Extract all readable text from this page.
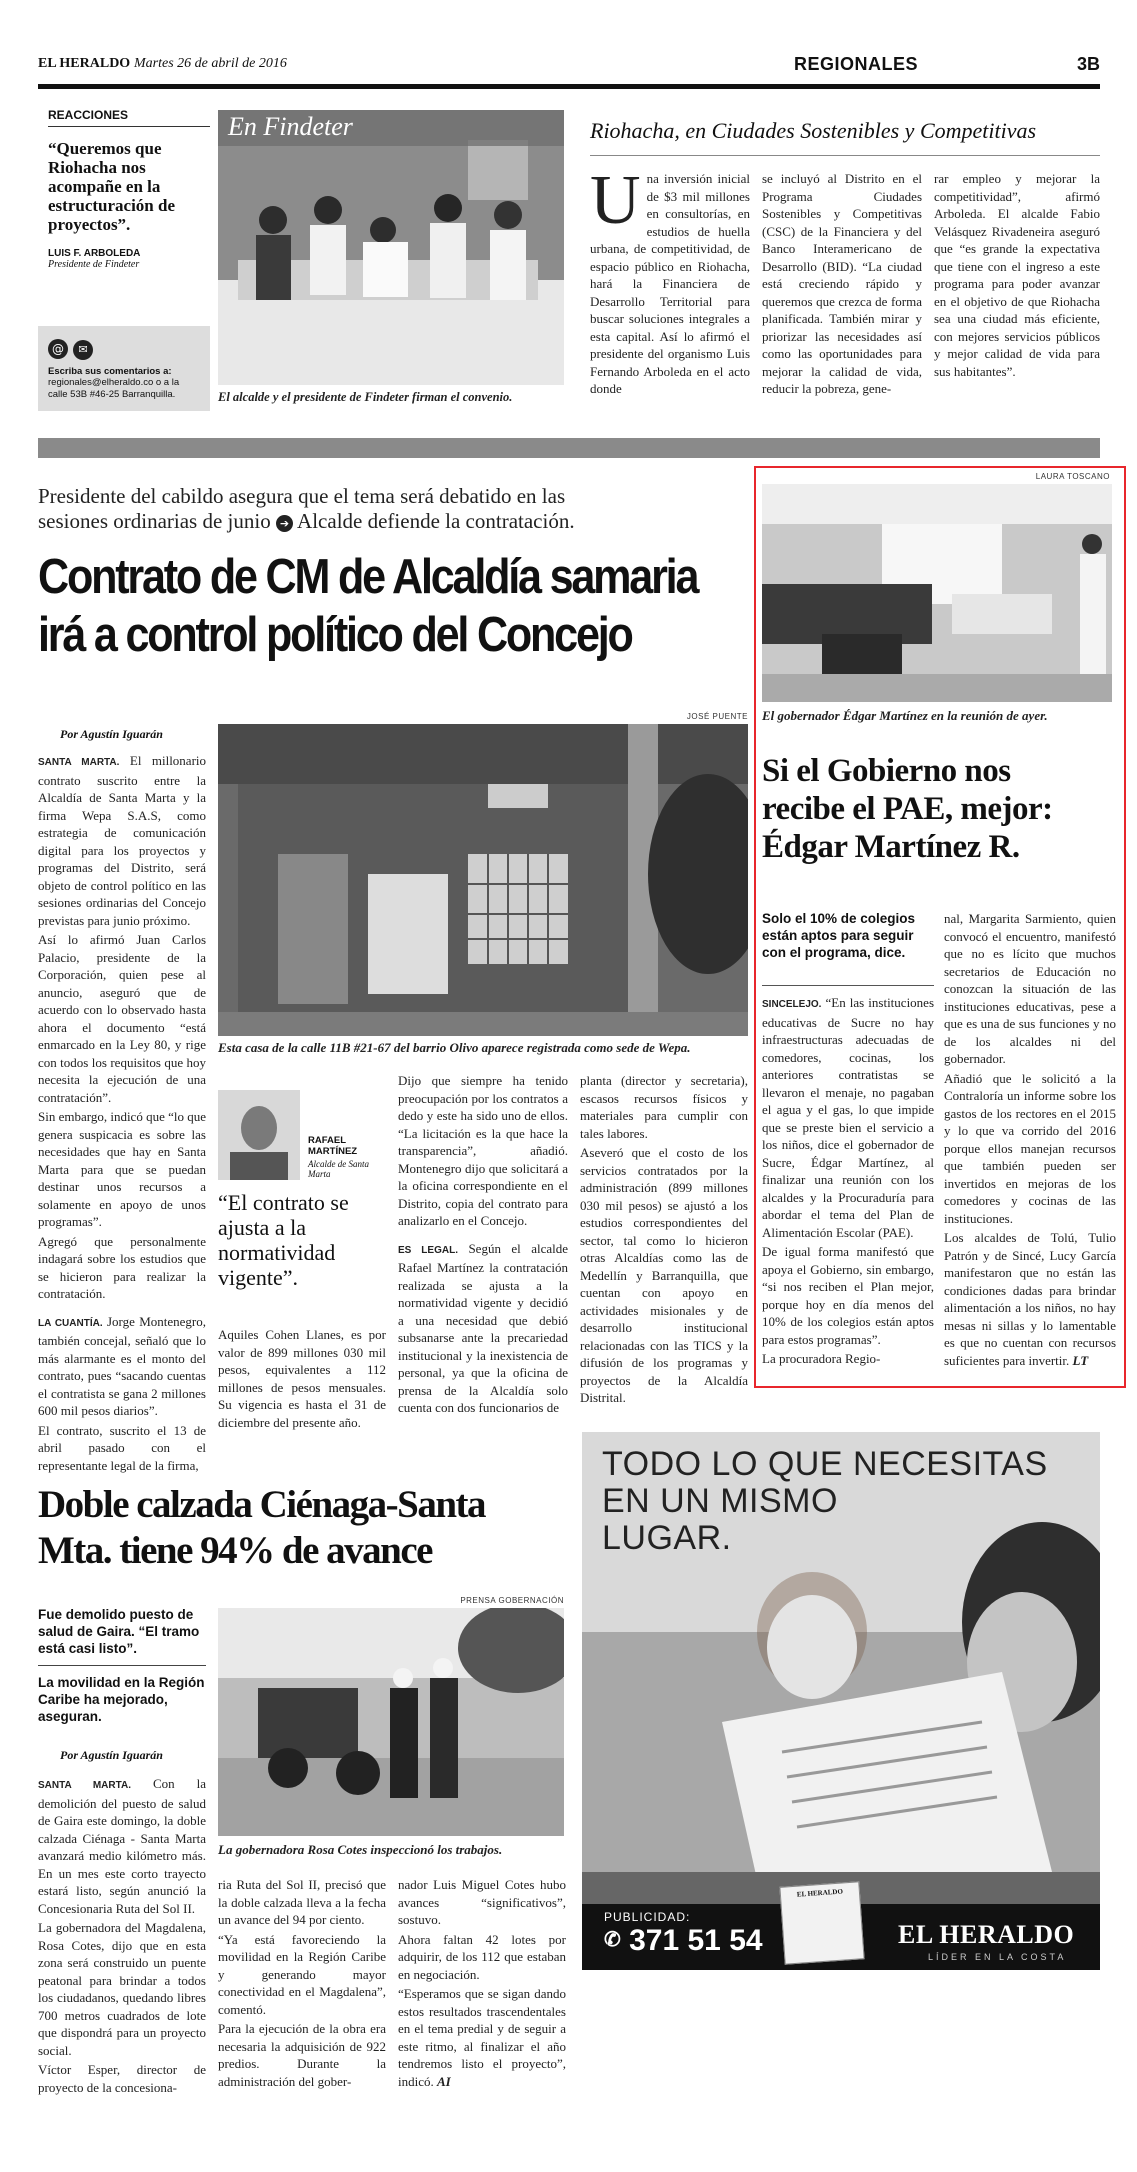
EL HERALDO Martes 26 de abril de 2016	REGIONALES	3B
REACCIONES
“Queremos que Riohacha nos acompañe en la estructuración de proyectos”.
LUIS F. ARBOLEDA
Presidente de Findeter
@ ✉
Escriba sus comentarios a:
regionales@elheraldo.co o a la calle 53B #46-25 Barranquilla.
En Findeter
El alcalde y el presidente de Findeter firman el convenio.
Riohacha, en Ciudades Sostenibles y Competitivas
U na inversión inicial de $3 mil millones en consultorías, en estudios de huella urbana, de competitividad, de espacio público en Riohacha, hará la Financiera de Desarrollo Territorial para buscar soluciones integrales a esta capital. Así lo afirmó el presidente del organismo Luis Fernando Arboleda en el acto donde
se incluyó al Distrito en el Programa Ciudades Sostenibles y Competitivas (CSC) de la Financiera y del Banco Interamericano de Desarrollo (BID). “La ciudad está creciendo rápido y queremos que crezca de forma planificada. También mirar y priorizar las necesidades así como las oportunidades para mejorar la calidad de vida, reducir la pobreza, gene-
rar empleo y mejorar la competitividad”, afirmó Arboleda. El alcalde Fabio Velásquez Rivadeneira aseguró que “es grande la expectativa que tiene con el ingreso a este programa para poder avanzar en el objetivo de que Riohacha sea una ciudad más eficiente, con mejores servicios públicos y mejor calidad de vida para sus habitantes”.
Presidente del cabildo asegura que el tema será debatido en las
sesiones ordinarias de junio ➔ Alcalde defiende la contratación.
Contrato de CM de Alcaldía samaria
irá a control político del Concejo
Por Agustín Iguarán
JOSÉ PUENTE
Esta casa de la calle 11B #21-67 del barrio Olivo aparece registrada como sede de Wepa.

SANTA MARTA. El millonario contrato suscrito entre la Alcaldía de Santa Marta y la firma Wepa S.A.S, como estrategia de comunicación digital para los proyectos y programas del Distrito, será objeto de control político en las sesiones ordinarias del Concejo previstas para junio próximo.

Así lo afirmó Juan Carlos Palacio, presidente de la Corporación, quien pese al anuncio, aseguró que de acuerdo con lo observado hasta ahora el documento “está enmarcado en la Ley 80, y rige con todos los requisitos que hoy necesita la ejecución de una contratación”.

Sin embargo, indicó que “lo que genera suspicacia es sobre las necesidades que hay en Santa Marta para que se puedan destinar unos recursos a solamente en apoyo de unos programas”.

Agregó que personalmente indagará sobre los estudios que se hicieron para realizar la contratación.

LA CUANTÍA. Jorge Montenegro, también concejal, señaló que lo más alarmante es el monto del contrato, pues “sacando cuentas el contratista se gana 2 millones 600 mil pesos diarios”.

El contrato, suscrito el 13 de abril pasado con el representante legal de la firma,

RAFAEL MARTÍNEZ
Alcalde de Santa Marta
“El contrato se ajusta a la normatividad vigente”.
Aquiles Cohen Llanes, es por valor de 899 millones 030 mil pesos, equivalentes a 112 millones de pesos mensuales. Su vigencia es hasta el 31 de diciembre del presente año.

Dijo que siempre ha tenido preocupación por los contratos a dedo y este ha sido uno de ellos. “La licitación es la que hace la transparencia”, añadió. Montenegro dijo que solicitará a la oficina correspondiente en el Distrito, copia del contrato para analizarlo en el Concejo.

ES LEGAL. Según el alcalde Rafael Martínez la contratación realizada se ajusta a la normatividad vigente y decidió a una necesidad que debió subsanarse ante la precariedad institucional y la inexistencia de personal, ya que la oficina de prensa de la Alcaldía solo cuenta con dos funcionarios de

planta (director y secretaria), escasos recursos físicos y materiales para cumplir con tales labores.

Aseveró que el costo de los servicios contratados por la administración (899 millones 030 mil pesos) se ajustó a los estudios correspondientes del sector, tal como lo hicieron otras Alcaldías como las de Medellín y Barranquilla, que cuentan con apoyo en actividades misionales y de desarrollo institucional relacionadas con las TICS y la difusión de los programas y proyectos de la Alcaldía Distrital.

LAURA TOSCANO
El gobernador Édgar Martínez en la reunión de ayer.
Si el Gobierno nos
recibe el PAE, mejor:
Édgar Martínez R.
Solo el 10% de colegios están aptos para seguir con el programa, dice.

SINCELEJO. “En las instituciones educativas de Sucre no hay infraestructuras adecuadas de comedores, cocinas, los anteriores contratistas se llevaron el menaje, no pagaban el agua y el gas, lo que impide que se preste bien el servicio a los niños, dice el gobernador de Sucre, Édgar Martínez, al finalizar una reunión con los alcaldes y la Procuraduría para abordar el tema del Plan de Alimentación Escolar (PAE).

De igual forma manifestó que apoya el Gobierno, sin embargo, “si nos reciben el Plan mejor, porque hoy en día menos del 10% de los colegios están aptos para estos programas”.

La procuradora Regio-

nal, Margarita Sarmiento, quien convocó el encuentro, manifestó que no es lícito que muchos secretarios de Educación no conozcan la situación de las instituciones educativas, pese a que es una de sus funciones y no de los alcaldes ni del gobernador.

Añadió que le solicitó a la Contraloría un informe sobre los gastos de los rectores en el 2015 y lo que va corrido del 2016 porque ellos manejan recursos que también pueden ser invertidos en mejoras de los comedores y cocinas de las instituciones.

Los alcaldes de Tolú, Tulio Patrón y de Sincé, Lucy García manifestaron que no están las condiciones dadas para brindar alimentación a los niños, no hay mesas ni sillas y lo lamentable es que no cuentan con recursos suficientes para invertir. LT

Doble calzada Ciénaga-Santa
Mta. tiene 94% de avance
Fue demolido puesto de salud de Gaira. “El tramo está casi listo”.
La movilidad en la Región Caribe ha mejorado, aseguran.
Por Agustín Iguarán
PRENSA GOBERNACIÓN
La gobernadora Rosa Cotes inspeccionó los trabajos.

SANTA MARTA. Con la demolición del puesto de salud de Gaira este domingo, la doble calzada Ciénaga - Santa Marta avanzará medio kilómetro más. En un mes este corto trayecto estará listo, según anunció la Concesionaria Ruta del Sol II.

La gobernadora del Magdalena, Rosa Cotes, dijo que en esta zona será construido un puente peatonal para brindar a todos los ciudadanos, quedando libres 700 metros cuadrados de lote que dispondrá para un proyecto social.

Víctor Esper, director de proyecto de la concesiona-

ria Ruta del Sol II, precisó que la doble calzada lleva a la fecha un avance del 94 por ciento.

“Ya está favoreciendo la movilidad en la Región Caribe y generando mayor conectividad en el Magdalena”, comentó.

Para la ejecución de la obra era necesaria la adquisición de 922 predios. Durante la administración del gober-

nador Luis Miguel Cotes hubo avances “significativos”, sostuvo.

Ahora faltan 42 lotes por adquirir, de los 112 que estaban en negociación.

“Esperamos que se sigan dando estos resultados trascendentales en el tema predial y de seguir a este ritmo, al finalizar el año tendremos listo el proyecto”, indicó. AI

TODO LO QUE NECESITAS
EN UN MISMO
LUGAR.
PUBLICIDAD:
✆ 371 51 54
EL HERALDO
EL HERALDO
LÍDER EN LA COSTA
